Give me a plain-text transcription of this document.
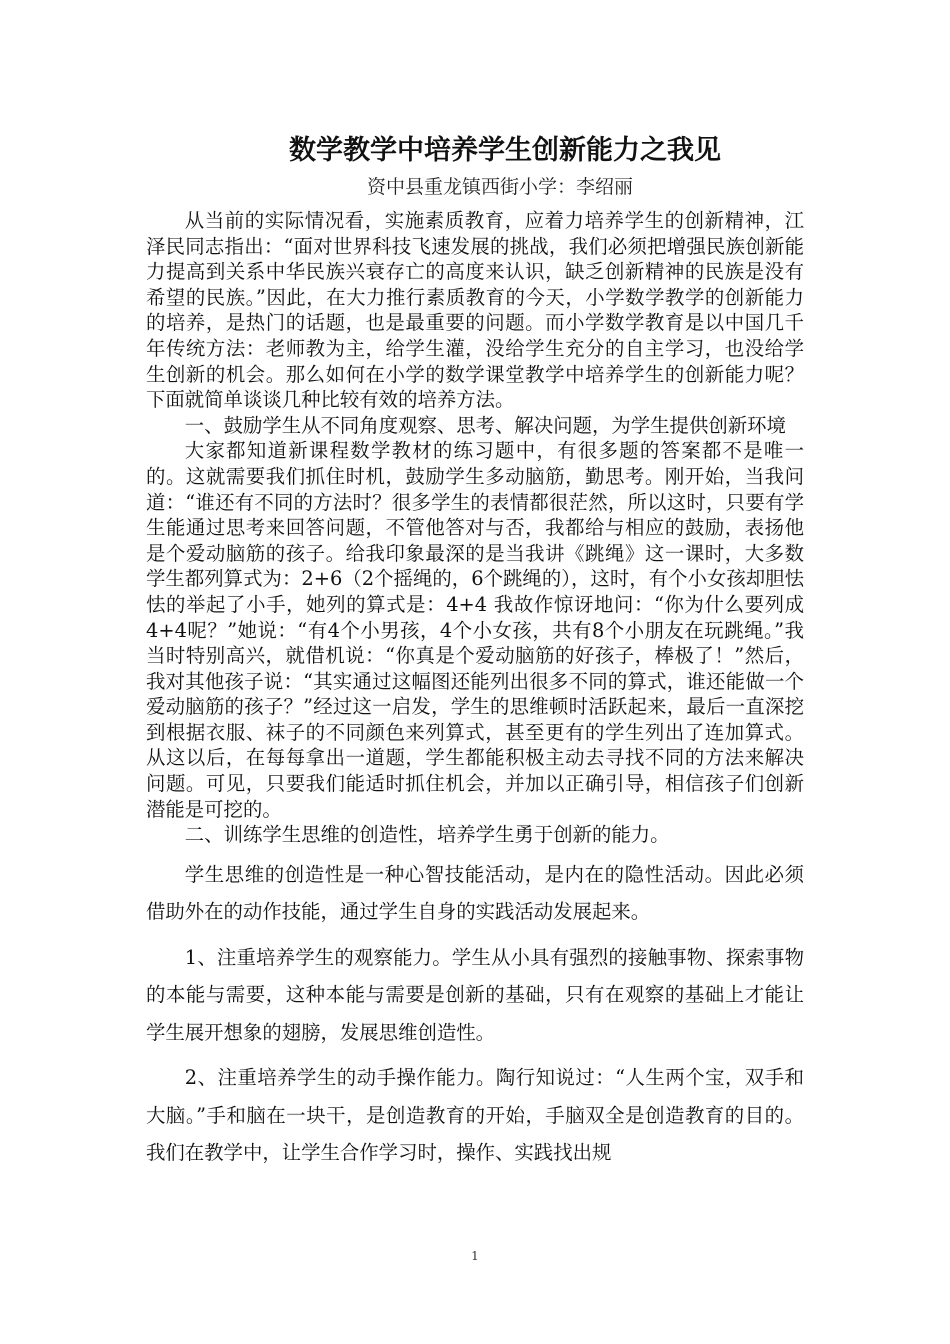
数学教学中培养学生创新能力之我见
资中县重龙镇西街小学：李绍丽

从当前的实际情况看，实施素质教育，应着力培养学生的创新精神，江泽民同志指出：“面对世界科技飞速发展的挑战，我们必须把增强民族创新能力提高到关系中华民族兴衰存亡的高度来认识，缺乏创新精神的民族是没有希望的民族。”因此，在大力推行素质教育的今天，小学数学教学的创新能力的培养，是热门的话题，也是最重要的问题。而小学数学教育是以中国几千年传统方法：老师教为主，给学生灌，没给学生充分的自主学习，也没给学生创新的机会。那么如何在小学的数学课堂教学中培养学生的创新能力呢？下面就简单谈谈几种比较有效的培养方法。

一、鼓励学生从不同角度观察、思考、解决问题，为学生提供创新环境

大家都知道新课程数学教材的练习题中，有很多题的答案都不是唯一的。这就需要我们抓住时机，鼓励学生多动脑筋，勤思考。刚开始，当我问道：“谁还有不同的方法时？很多学生的表情都很茫然，所以这时，只要有学生能通过思考来回答问题，不管他答对与否，我都给与相应的鼓励，表扬他是个爱动脑筋的孩子。给我印象最深的是当我讲《跳绳》这一课时，大多数学生都列算式为：2+6（2个摇绳的，6个跳绳的），这时，有个小女孩却胆怯怯的举起了小手，她列的算式是：4+4 我故作惊讶地问：“你为什么要列成4+4呢？”她说：“有4个小男孩，4个小女孩，共有8个小朋友在玩跳绳。”我当时特别高兴，就借机说：“你真是个爱动脑筋的好孩子，棒极了！”然后，我对其他孩子说：“其实通过这幅图还能列出很多不同的算式，谁还能做一个爱动脑筋的孩子？”经过这一启发，学生的思维顿时活跃起来，最后一直深挖到根据衣服、袜子的不同颜色来列算式，甚至更有的学生列出了连加算式。从这以后，在每每拿出一道题，学生都能积极主动去寻找不同的方法来解决问题。可见，只要我们能适时抓住机会，并加以正确引导，相信孩子们创新潜能是可挖的。

二、训练学生思维的创造性，培养学生勇于创新的能力。

学生思维的创造性是一种心智技能活动，是内在的隐性活动。因此必须借助外在的动作技能，通过学生自身的实践活动发展起来。

1、注重培养学生的观察能力。学生从小具有强烈的接触事物、探索事物的本能与需要，这种本能与需要是创新的基础，只有在观察的基础上才能让学生展开想象的翅膀，发展思维创造性。

2、注重培养学生的动手操作能力。陶行知说过：“人生两个宝，双手和大脑。”手和脑在一块干，是创造教育的开始，手脑双全是创造教育的目的。我们在教学中，让学生合作学习时，操作、实践找出规

1
